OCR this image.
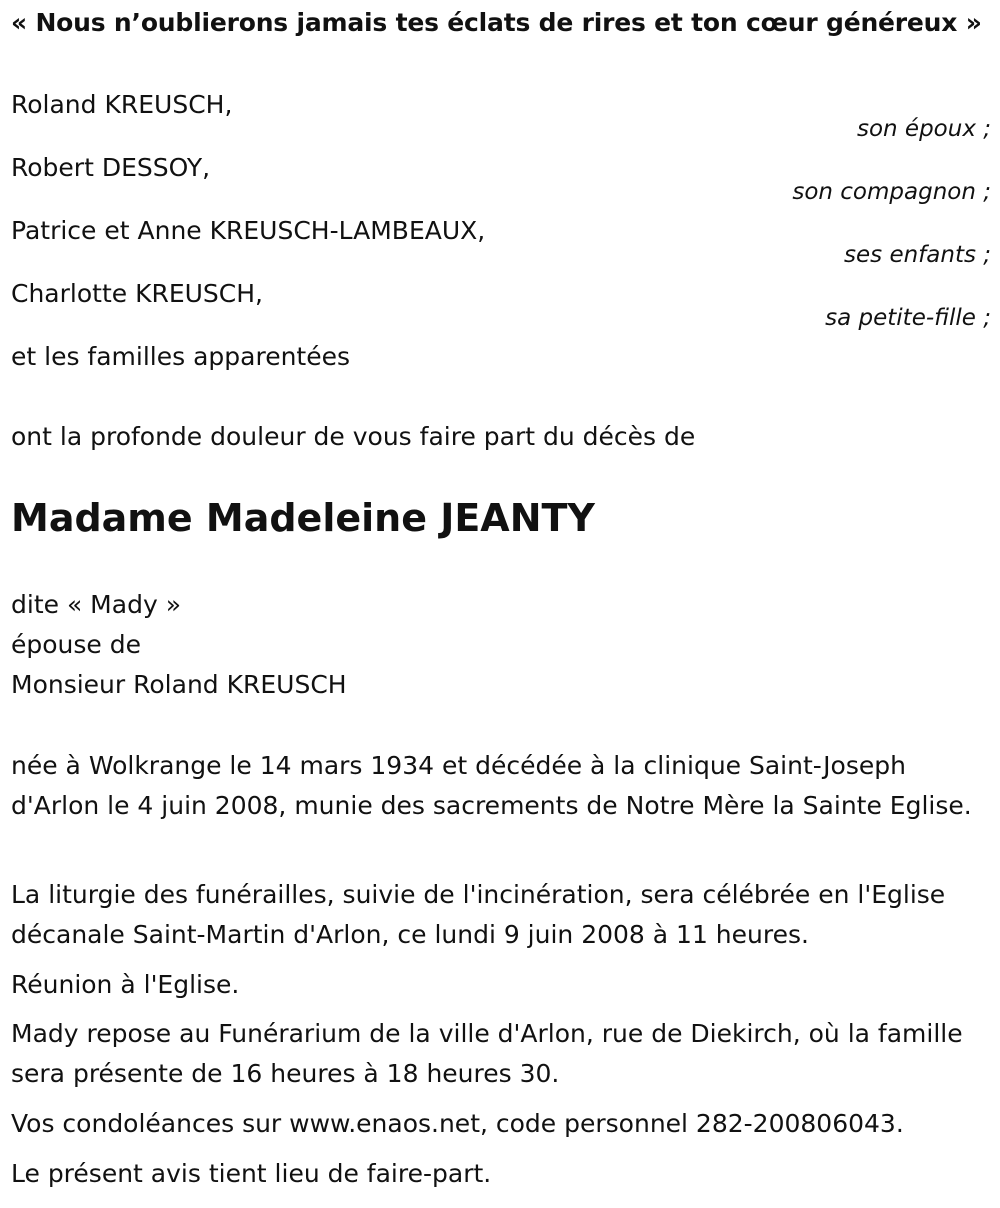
« Nous n’oublierons jamais tes éclats de rires et ton cœur généreux »
Roland KREUSCH,
son époux ;
Robert DESSOY,
son compagnon ;
Patrice et Anne KREUSCH-LAMBEAUX,
ses enfants ;
Charlotte KREUSCH,
sa petite-fille ;
et les familles apparentées
ont la profonde douleur de vous faire part du décès de
Madame Madeleine JEANTY
dite « Mady »
épouse de
Monsieur Roland KREUSCH
née à Wolkrange le 14 mars 1934 et décédée à la clinique Saint-Joseph d'Arlon le 4 juin 2008, munie des sacrements de Notre Mère la Sainte Eglise.
La liturgie des funérailles, suivie de l'incinération, sera célébrée en l'Eglise décanale Saint-Martin d'Arlon, ce lundi 9 juin 2008 à 11 heures.
Réunion à l'Eglise.
Mady repose au Funérarium de la ville d'Arlon, rue de Diekirch, où la famille sera présente de 16 heures à 18 heures 30.
Vos condoléances sur www.enaos.net, code personnel 282-200806043.
Le présent avis tient lieu de faire-part.
